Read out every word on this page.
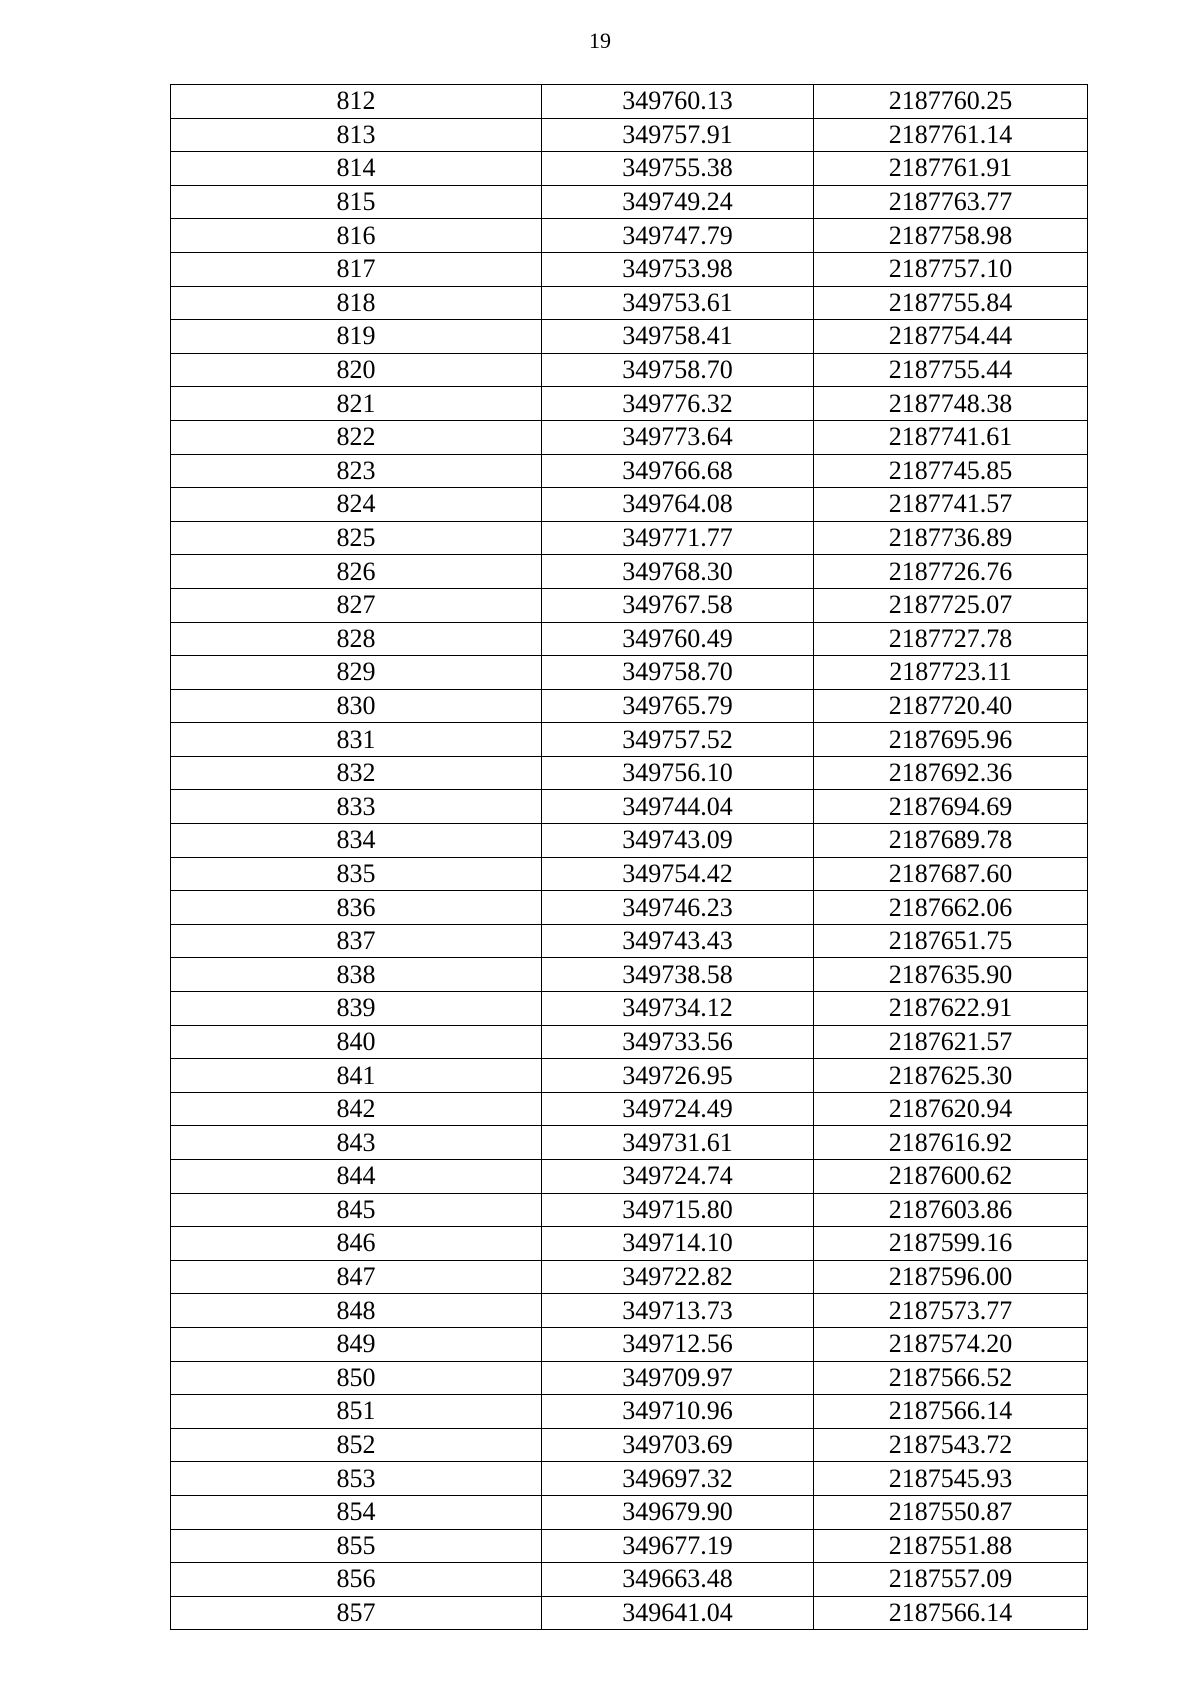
19
812	349760.13	2187760.25
813	349757.91	2187761.14
814	349755.38	2187761.91
815	349749.24	2187763.77
816	349747.79	2187758.98
817	349753.98	2187757.10
818	349753.61	2187755.84
819	349758.41	2187754.44
820	349758.70	2187755.44
821	349776.32	2187748.38
822	349773.64	2187741.61
823	349766.68	2187745.85
824	349764.08	2187741.57
825	349771.77	2187736.89
826	349768.30	2187726.76
827	349767.58	2187725.07
828	349760.49	2187727.78
829	349758.70	2187723.11
830	349765.79	2187720.40
831	349757.52	2187695.96
832	349756.10	2187692.36
833	349744.04	2187694.69
834	349743.09	2187689.78
835	349754.42	2187687.60
836	349746.23	2187662.06
837	349743.43	2187651.75
838	349738.58	2187635.90
839	349734.12	2187622.91
840	349733.56	2187621.57
841	349726.95	2187625.30
842	349724.49	2187620.94
843	349731.61	2187616.92
844	349724.74	2187600.62
845	349715.80	2187603.86
846	349714.10	2187599.16
847	349722.82	2187596.00
848	349713.73	2187573.77
849	349712.56	2187574.20
850	349709.97	2187566.52
851	349710.96	2187566.14
852	349703.69	2187543.72
853	349697.32	2187545.93
854	349679.90	2187550.87
855	349677.19	2187551.88
856	349663.48	2187557.09
857	349641.04	2187566.14
